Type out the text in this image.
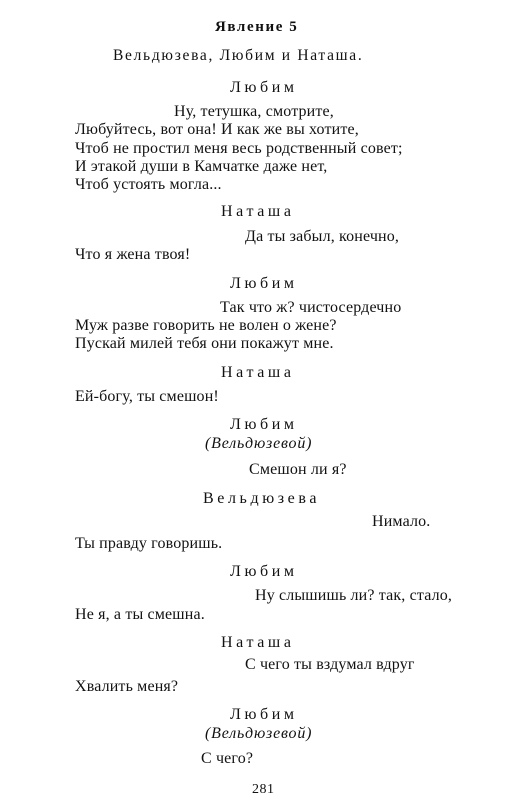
Явление 5
Вельдюзева, Любим и Наташа.
Любим
Ну, тетушка, смотрите,
Любуйтесь, вот она! И как же вы хотите,
Чтоб не простил меня весь родственный совет;
И этакой души в Камчатке даже нет,
Чтоб устоять могла...
Наташа
Да ты забыл, конечно,
Что я жена твоя!
Любим
Так что ж? чистосердечно
Муж разве говорить не волен о жене?
Пускай милей тебя они покажут мне.
Наташа
Ей-богу, ты смешон!
Любим
(Вельдюзевой)
Смешон ли я?
Вельдюзева
Нимало.
Ты правду говоришь.
Любим
Ну слышишь ли? так, стало,
Не я, а ты смешна.
Наташа
С чего ты вздумал вдруг
Хвалить меня?
Любим
(Вельдюзевой)
С чего?
281
